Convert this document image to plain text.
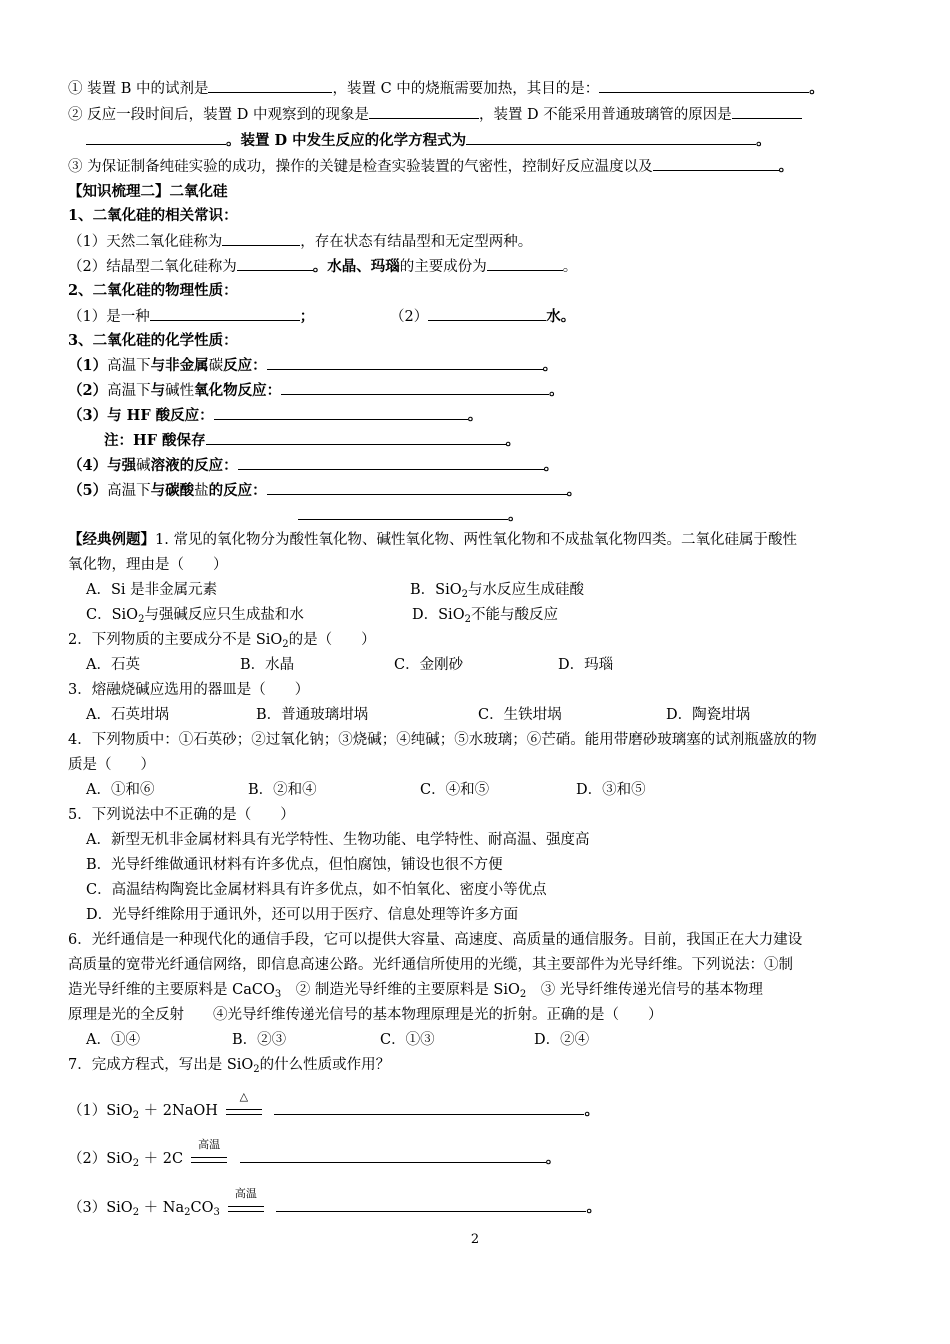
① 装置 B 中的试剂是	，装置 C 中的烧瓶需要加热，其目的是：	。
② 反应一段时间后，装置 D 中观察到的现象是	，装置 D 不能采用普通玻璃管的原因是
。装置 D 中发生反应的化学方程式为	。
③ 为保证制备纯硅实验的成功，操作的关键是检查实验装置的气密性，控制好反应温度以及	。
【知识梳理二】二氧化硅
1、二氧化硅的相关常识：
（1）天然二氧化硅称为	，存在状态有结晶型和无定型两种。
（2）结晶型二氧化硅称为	。水晶、玛瑙的主要成份为	。
2、二氧化硅的物理性质：
（1）是一种	；	（2）	水。
3、二氧化硅的化学性质：
（1）高温下与非金属碳反应：	。
（2）高温下与碱性氧化物反应：	。
（3）与 HF 酸反应：	。
注：HF 酸保存	。
（4）与强碱溶液的反应：	。
（5）高温下与碳酸盐的反应：	。
。
【经典例题】1. 常见的氧化物分为酸性氧化物、碱性氧化物、两性氧化物和不成盐氧化物四类。二氧化硅属于酸性
氧化物，理由是（　　）
A．Si 是非金属元素	B．SiO$_2$与水反应生成硅酸
C．SiO$_2$与强碱反应只生成盐和水	D．SiO$_2$不能与酸反应
2．下列物质的主要成分不是 SiO$_2$的是（　　）
A．石英	B．水晶	C．金刚砂	D．玛瑙
3．熔融烧碱应选用的器皿是（　　）
A．石英坩埚	B．普通玻璃坩埚	C．生铁坩埚	D．陶瓷坩埚
4．下列物质中：①石英砂；②过氧化钠；③烧碱；④纯碱；⑤水玻璃；⑥芒硝。能用带磨砂玻璃塞的试剂瓶盛放的物
质是（　　）
A．①和⑥	B．②和④	C．④和⑤	D．③和⑤
5．下列说法中不正确的是（　　）
A．新型无机非金属材料具有光学特性、生物功能、电学特性、耐高温、强度高
B．光导纤维做通讯材料有许多优点，但怕腐蚀，铺设也很不方便
C．高温结构陶瓷比金属材料具有许多优点，如不怕氧化、密度小等优点
D．光导纤维除用于通讯外，还可以用于医疗、信息处理等许多方面
6．光纤通信是一种现代化的通信手段，它可以提供大容量、高速度、高质量的通信服务。目前，我国正在大力建设
高质量的宽带光纤通信网络，即信息高速公路。光纤通信所使用的光缆，其主要部件为光导纤维。下列说法：①制
造光导纤维的主要原料是 CaCO$_3$　② 制造光导纤维的主要原料是 SiO$_2$　③ 光导纤维传递光信号的基本物理
原理是光的全反射　　④光导纤维传递光信号的基本物理原理是光的折射。正确的是（　　）
A．①④	B．②③	C．①③	D．②④
7．完成方程式，写出是 SiO$_2$的什么性质或作用？
（1）SiO$_2$ ＋ 2NaOH
△
。
（2）SiO$_2$ ＋ 2C
高温
。
$(3)SiO_2 + Na_2CO_3$
高温
。
2
